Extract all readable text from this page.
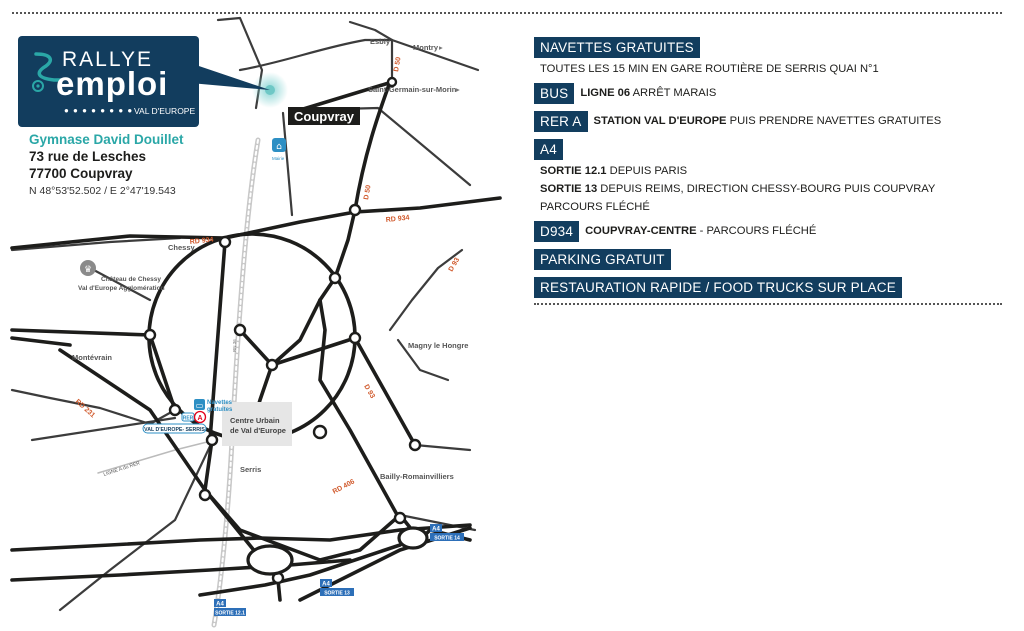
Esbly
Montry ▸
Saint-Germain-sur-Morin ▸
Chessy
Château de Chessy
Val d'Europe Agglomération
Montévrain
Magny le Hongre
Centre Urbain
de Val d'Europe
Serris
Bailly-Romainvilliers
LIGNE A du RER
Mairie
D 50
D 50
RD 934
RD 934
D 93
D 93
RD 406
RD 231
RN 36
Coupvray
⌂
♛
▭ Navettes
gratuites
RER A
VAL D'EUROPE- SERRIS
A4
SORTIE 14
A4
SORTIE 13
A4
SORTIE 12.1
RALLYE
emploi
● ● ● ● ● ● ● ● VAL D'EUROPE
Gymnase David Douillet
73 rue de Lesches
77700 Coupvray
N 48°53'52.502 / E 2°47'19.543
NAVETTES GRATUITES
TOUTES LES 15 MIN EN GARE ROUTIÈRE DE SERRIS QUAI N°1
BUS	LIGNE 06 ARRÊT MARAIS
RER A	STATION VAL D'EUROPE PUIS PRENDRE NAVETTES GRATUITES
A4
SORTIE 12.1 DEPUIS PARIS
SORTIE 13 DEPUIS REIMS, DIRECTION CHESSY-BOURG PUIS COUPVRAY
PARCOURS FLÉCHÉ
D934	COUPVRAY-CENTRE - PARCOURS FLÉCHÉ
PARKING GRATUIT
RESTAURATION RAPIDE / FOOD TRUCKS SUR PLACE
